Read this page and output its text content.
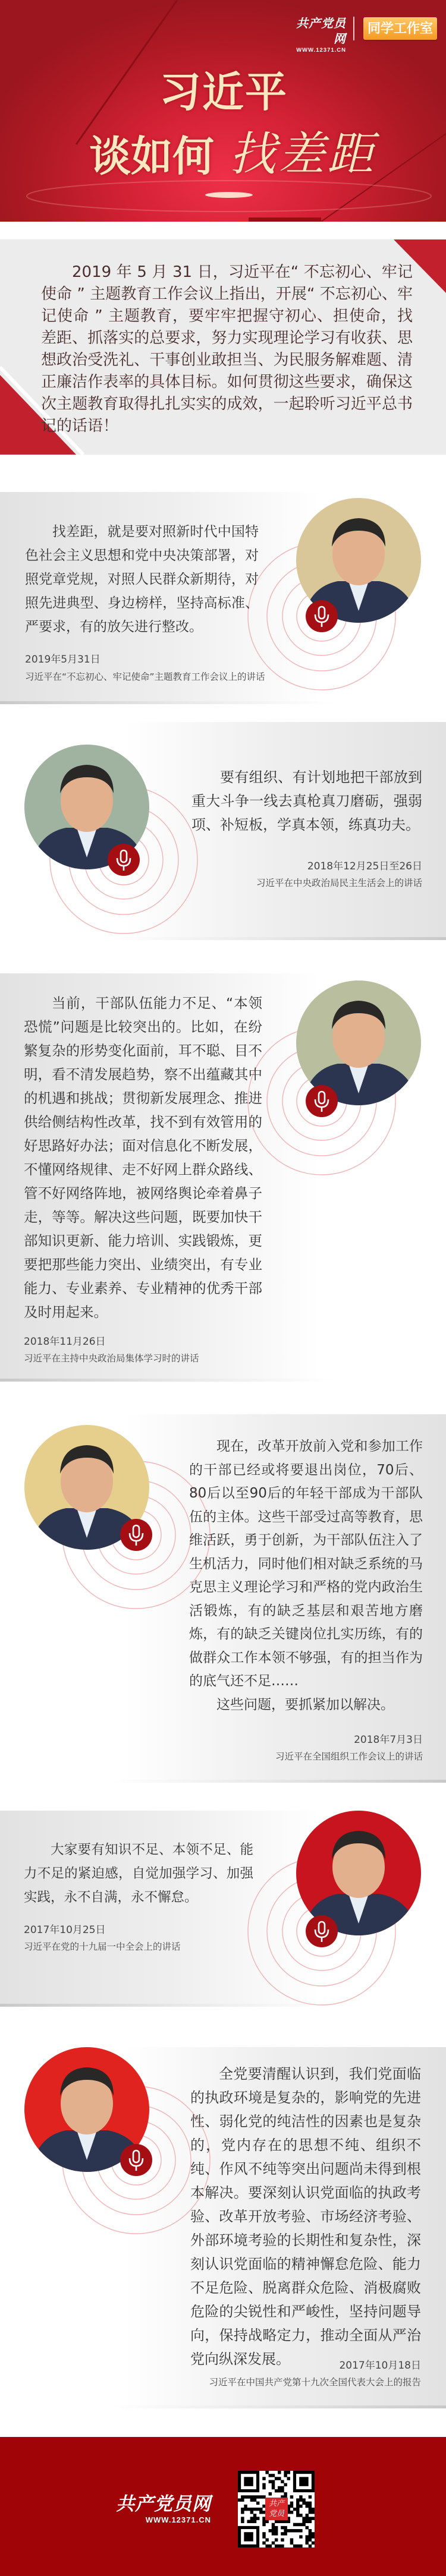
共产党员网
WWW.12371.CN
同学工作室
习近平
谈如何 找差距
2019 年 5 月 31 日，习近平在“ 不忘初心、牢记使命 ” 主题教育工作会议上指出，开展“ 不忘初心、牢记使命 ” 主题教育，要牢牢把握守初心、担使命，找差距、抓落实的总要求，努力实现理论学习有收获、思想政治受洗礼、干事创业敢担当、为民服务解难题、清正廉洁作表率的具体目标。如何贯彻这些要求，确保这次主题教育取得扎扎实实的成效，一起聆听习近平总书记的话语！

找差距，就是要对照新时代中国特色社会主义思想和党中央决策部署，对照党章党规，对照人民群众新期待，对照先进典型、身边榜样，坚持高标准、严要求，有的放矢进行整改。

2019年5月31日
习近平在“不忘初心、牢记使命”主题教育工作会议上的讲话

要有组织、有计划地把干部放到重大斗争一线去真枪真刀磨砺，强弱项、补短板，学真本领，练真功夫。

2018年12月25日至26日
习近平在中央政治局民主生活会上的讲话

当前，干部队伍能力不足、“本领恐慌”问题是比较突出的。比如，在纷繁复杂的形势变化面前，耳不聪、目不明，看不清发展趋势，察不出蕴藏其中的机遇和挑战；贯彻新发展理念、推进供给侧结构性改革，找不到有效管用的好思路好办法；面对信息化不断发展，不懂网络规律、走不好网上群众路线、管不好网络阵地，被网络舆论牵着鼻子走，等等。解决这些问题，既要加快干部知识更新、能力培训、实践锻炼，更要把那些能力突出、业绩突出，有专业能力、专业素养、专业精神的优秀干部及时用起来。

2018年11月26日
习近平在主持中央政治局集体学习时的讲话

现在，改革开放前入党和参加工作的干部已经或将要退出岗位，70后、80后以至90后的年轻干部成为干部队伍的主体。这些干部受过高等教育，思维活跃，勇于创新，为干部队伍注入了生机活力，同时他们相对缺乏系统的马克思主义理论学习和严格的党内政治生活锻炼，有的缺乏基层和艰苦地方磨炼，有的缺乏关键岗位扎实历练，有的做群众工作本领不够强，有的担当作为的底气还不足……

这些问题，要抓紧加以解决。

2018年7月3日
习近平在全国组织工作会议上的讲话

大家要有知识不足、本领不足、能力不足的紧迫感，自觉加强学习、加强实践，永不自满，永不懈怠。

2017年10月25日
习近平在党的十九届一中全会上的讲话

全党要清醒认识到，我们党面临的执政环境是复杂的，影响党的先进性、弱化党的纯洁性的因素也是复杂的，党内存在的思想不纯、组织不纯、作风不纯等突出问题尚未得到根本解决。要深刻认识党面临的执政考验、改革开放考验、市场经济考验、外部环境考验的长期性和复杂性，深刻认识党面临的精神懈怠危险、能力不足危险、脱离群众危险、消极腐败危险的尖锐性和严峻性，坚持问题导向，保持战略定力，推动全面从严治党向纵深发展。	2017年10月18日
习近平在中国共产党第十九次全国代表大会上的报告
共产党员网
WWW.12371.CN
共产党员
